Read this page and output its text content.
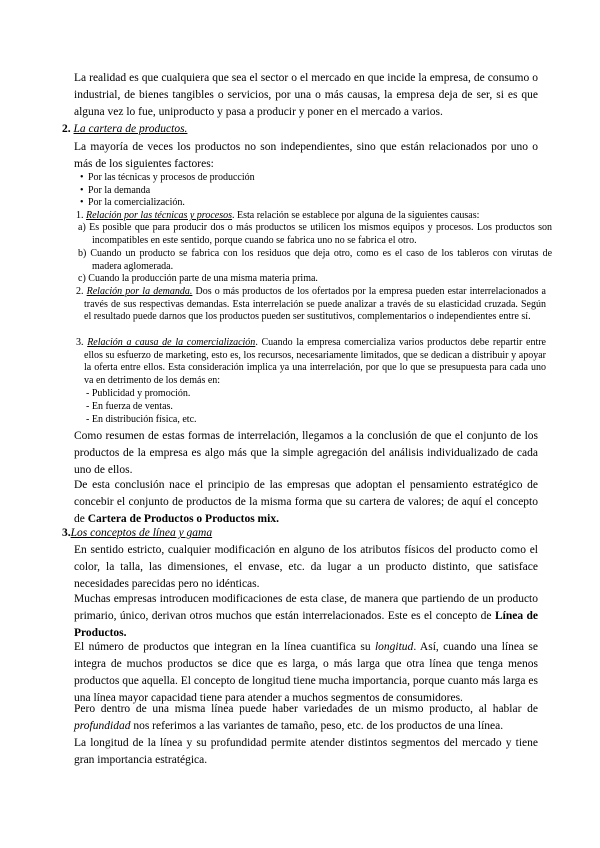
La realidad es que cualquiera que sea el sector o el mercado en que incide la empresa, de consumo o industrial, de bienes tangibles o servicios, por una o más causas, la empresa deja de ser, si es que alguna vez lo fue, uniproducto y pasa a producir y poner en el mercado a varios.

2. La cartera de productos.

La mayoría de veces los productos no son independientes, sino que están relacionados por uno o más de los siguientes factores:

• Por las técnicas y procesos de producción

• Por la demanda

• Por la comercialización.

1. Relación por las técnicas y procesos. Esta relación se establece por alguna de la siguientes causas:

a) Es posible que para producir dos o más productos se utilicen los mismos equipos y procesos. Los productos son incompatibles en este sentido, porque cuando se fabrica uno no se fabrica el otro.

b) Cuando un producto se fabrica con los residuos que deja otro, como es el caso de los tableros con virutas de madera aglomerada.

c) Cuando la producción parte de una misma materia prima.

2. Relación por la demanda. Dos o más productos de los ofertados por la empresa pueden estar interrelacionados a través de sus respectivas demandas. Esta interrelación se puede analizar a través de su elasticidad cruzada. Según el resultado puede darnos que los productos pueden ser sustitutivos, complementarios o independientes entre sí.

3. Relación a causa de la comercialización. Cuando la empresa comercializa varios productos debe repartir entre ellos su esfuerzo de marketing, esto es, los recursos, necesariamente limitados, que se dedican a distribuir y apoyar la oferta entre ellos. Esta consideración implica ya una interrelación, por que lo que se presupuesta para cada uno va en detrimento de los demás en:

- Publicidad y promoción.

- En fuerza de ventas.

- En distribución física, etc.

Como resumen de estas formas de interrelación, llegamos a la conclusión de que el conjunto de los productos de la empresa es algo más que la simple agregación del análisis individualizado de cada uno de ellos.

De esta conclusión nace el principio de las empresas que adoptan el pensamiento estratégico de concebir el conjunto de productos de la misma forma que su cartera de valores; de aquí el concepto de Cartera de Productos o Productos mix.

3.Los conceptos de línea y gama

En sentido estricto, cualquier modificación en alguno de los atributos físicos del producto como el color, la talla, las dimensiones, el envase, etc. da lugar a un producto distinto, que satisface necesidades parecidas pero no idénticas.

Muchas empresas introducen modificaciones de esta clase, de manera que partiendo de un producto primario, único, derivan otros muchos que están interrelacionados. Este es el concepto de Línea de Productos.

El número de productos que integran en la línea cuantifica su longitud. Así, cuando una línea se integra de muchos productos se dice que es larga, o más larga que otra línea que tenga menos productos que aquella. El concepto de longitud tiene mucha importancia, porque cuanto más larga es una línea mayor capacidad tiene para atender a muchos segmentos de consumidores.

Pero dentro de una misma línea puede haber variedades de un mismo producto, al hablar de profundidad nos referimos a las variantes de tamaño, peso, etc. de los productos de una línea.

La longitud de la línea y su profundidad permite atender distintos segmentos del mercado y tiene gran importancia estratégica.
